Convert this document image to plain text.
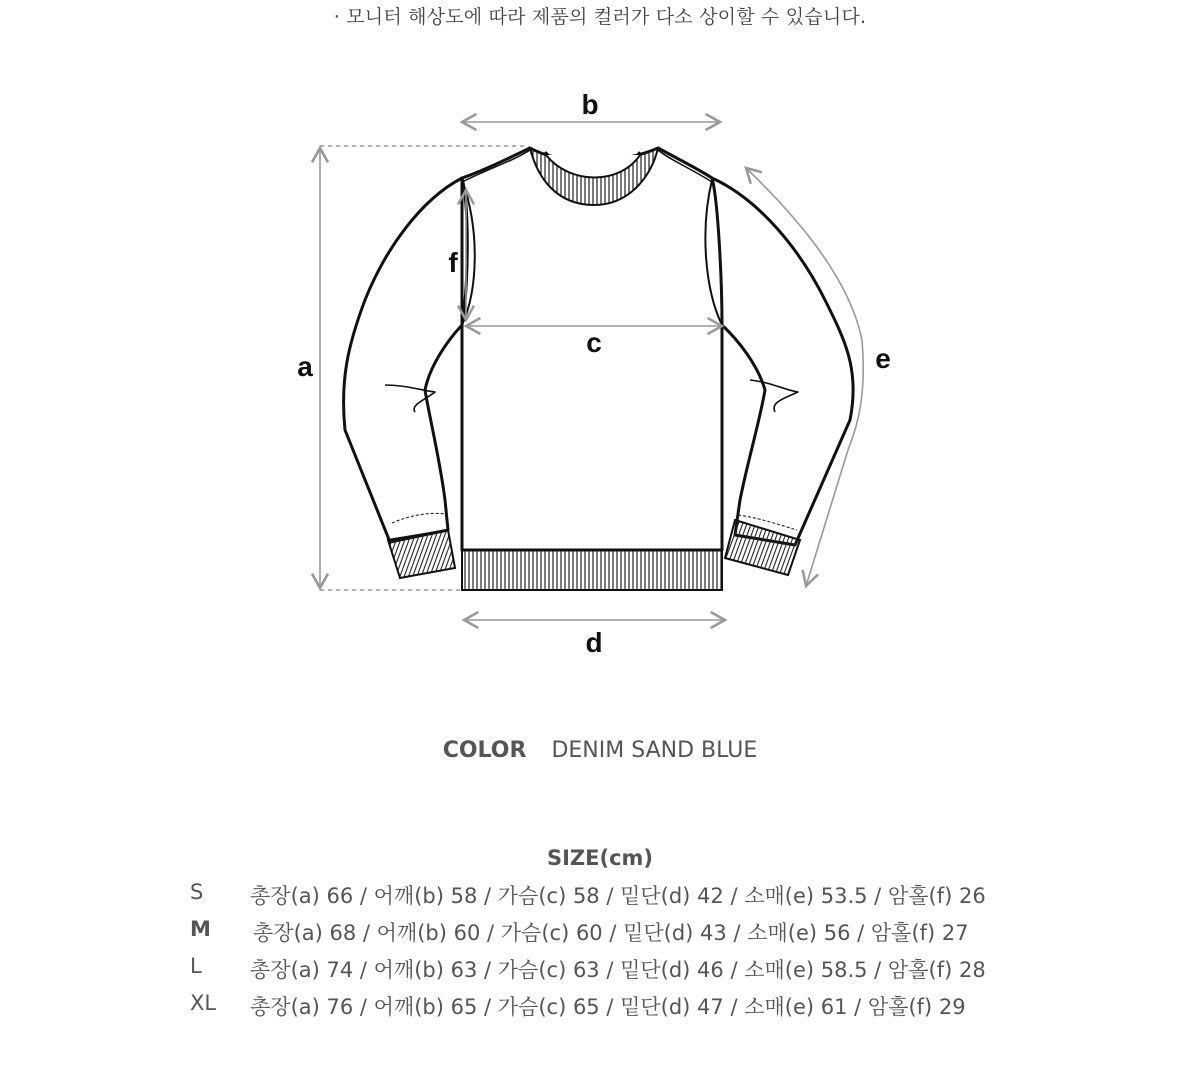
· 모니터 해상도에 따라 제품의 컬러가 다소 상이할 수 있습니다.
a
b
c
d
e
f
COLOR DENIM SAND BLUE
SIZE(cm)
S 총장(a) 66 / 어깨(b) 58 / 가슴(c) 58 / 밑단(d) 42 / 소매(e) 53.5 / 암홀(f) 26
M 총장(a) 68 / 어깨(b) 60 / 가슴(c) 60 / 밑단(d) 43 / 소매(e) 56 / 암홀(f) 27
L 총장(a) 74 / 어깨(b) 63 / 가슴(c) 63 / 밑단(d) 46 / 소매(e) 58.5 / 암홀(f) 28
XL 총장(a) 76 / 어깨(b) 65 / 가슴(c) 65 / 밑단(d) 47 / 소매(e) 61 / 암홀(f) 29
